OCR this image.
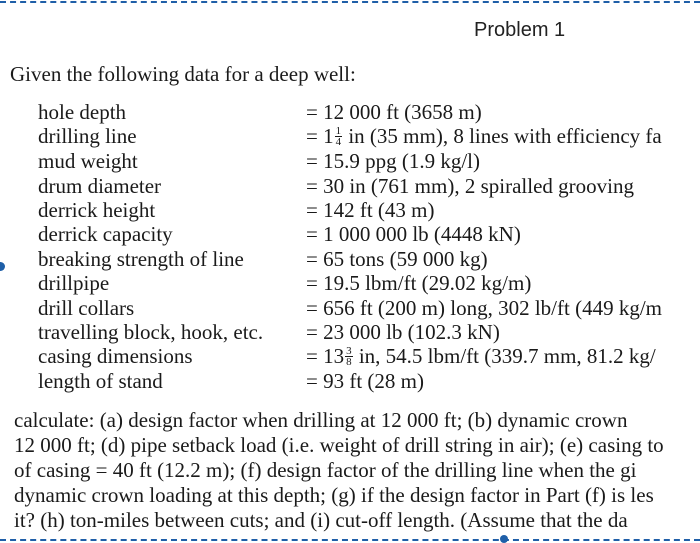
Problem 1
Given the following data for a deep well:
hole depth	= 12 000 ft (3658 m)
drilling line	= $1 \frac{1}{4}$ in (35 mm), 8 lines with efficiency fa
mud weight	= 15.9 ppg (1.9 kg/l)
drum diameter	= 30 in (761 mm), 2 spiralled grooving
derrick height	= 142 ft (43 m)
derrick capacity	= 1 000 000 lb (4448 kN)
breaking strength of line	= 65 tons (59 000 kg)
drillpipe	= 19.5 lbm/ft (29.02 kg/m)
drill collars	= 656 ft (200 m) long, 302 lb/ft (449 kg/m
travelling block, hook, etc.	= 23 000 lb (102.3 kN)
casing dimensions	= $13 \frac{3}{8}$ in, 54.5 lbm/ft (339.7 mm, 81.2 kg/
length of stand	= 93 ft (28 m)
calculate: (a) design factor when drilling at 12 000 ft; (b) dynamic crown
12 000 ft; (d) pipe setback load (i.e. weight of drill string in air); (e) casing to
of casing = 40 ft (12.2 m); (f) design factor of the drilling line when the gi
dynamic crown loading at this depth; (g) if the design factor in Part (f) is les
it? (h) ton-miles between cuts; and (i) cut-off length. (Assume that the da
